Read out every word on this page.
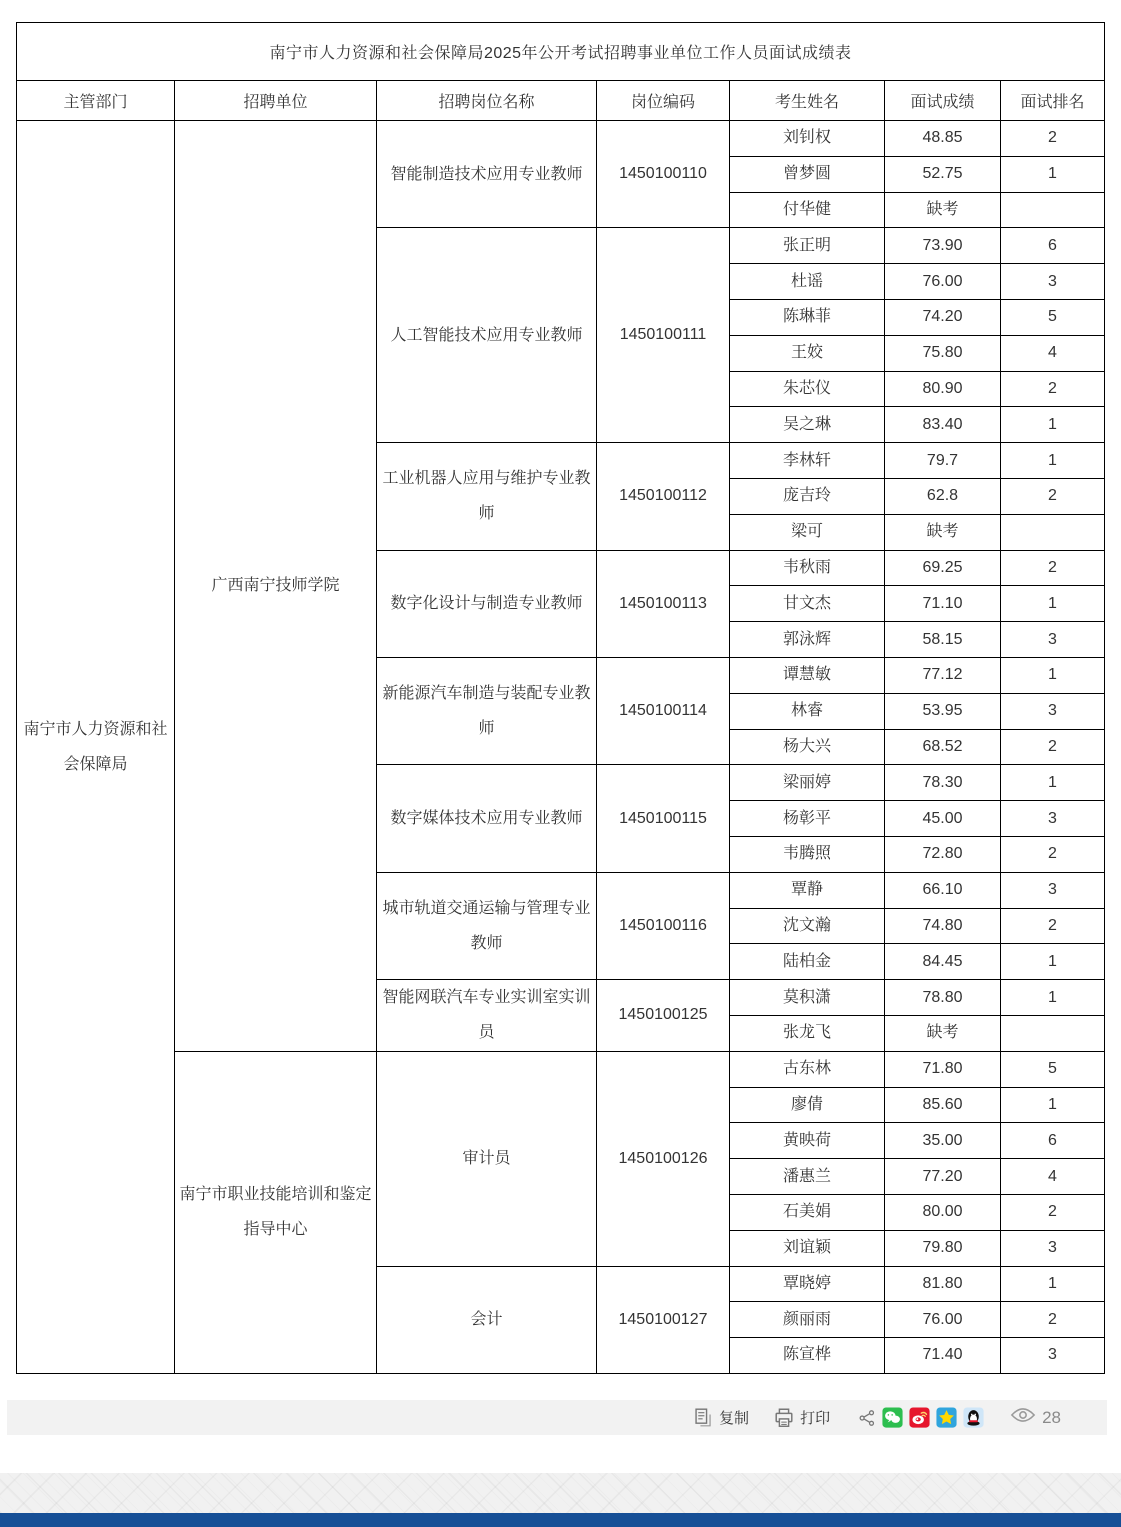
南宁市人力资源和社会保障局2025年公开考试招聘事业单位工作人员面试成绩表						
主管部门	招聘单位	招聘岗位名称	岗位编码	考生姓名	面试成绩	面试排名
南宁市人力资源和社会保障局	广西南宁技师学院	智能制造技术应用专业教师	1450100110	刘钊权	48.85	2
				曾梦圆	52.75	1
				付华健	缺考	
		人工智能技术应用专业教师	1450100111	张正明	73.90	6
				杜谣	76.00	3
				陈琳菲	74.20	5
				王姣	75.80	4
				朱芯仪	80.90	2
				吴之琳	83.40	1
		工业机器人应用与维护专业教师	1450100112	李林轩	79.7	1
				庞吉玲	62.8	2
				梁可	缺考	
		数字化设计与制造专业教师	1450100113	韦秋雨	69.25	2
				甘文杰	71.10	1
				郭泳辉	58.15	3
		新能源汽车制造与装配专业教师	1450100114	谭慧敏	77.12	1
				林睿	53.95	3
				杨大兴	68.52	2
		数字媒体技术应用专业教师	1450100115	梁丽婷	78.30	1
				杨彰平	45.00	3
				韦腾照	72.80	2
		城市轨道交通运输与管理专业教师	1450100116	覃静	66.10	3
				沈文瀚	74.80	2
				陆柏金	84.45	1
		智能网联汽车专业实训室实训员	1450100125	莫积潇	78.80	1
				张龙飞	缺考	
	南宁市职业技能培训和鉴定指导中心	审计员	1450100126	古东林	71.80	5
				廖倩	85.60	1
				黄映荷	35.00	6
				潘惠兰	77.20	4
				石美娟	80.00	2
				刘谊颖	79.80	3
		会计	1450100127	覃晓婷	81.80	1
				颜丽雨	76.00	2
				陈宣桦	71.40	3
复制	打印	28
